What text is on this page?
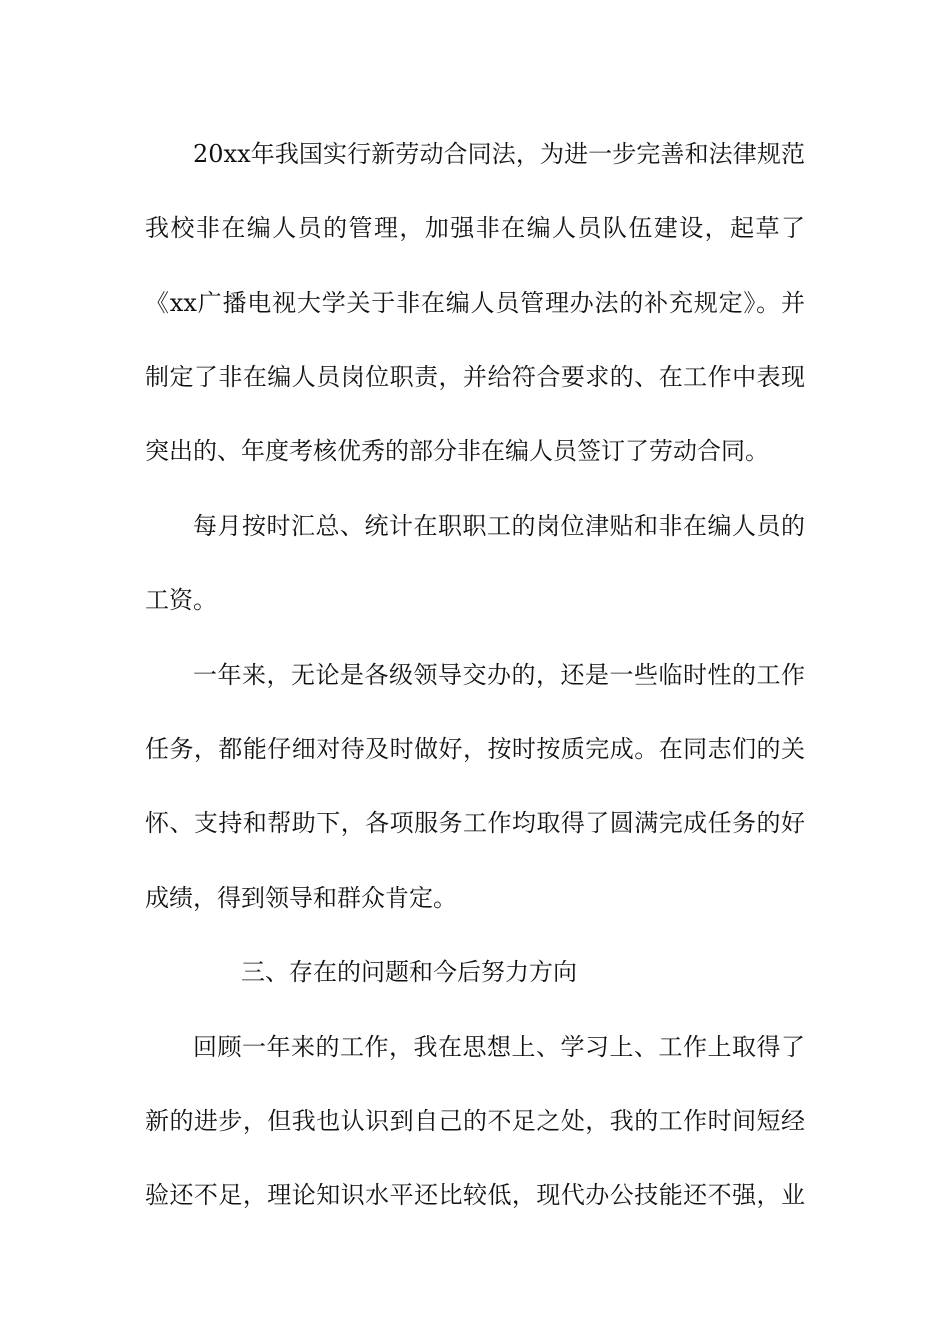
20xx年我国实行新劳动合同法，为进一步完善和法律规范
我校非在编人员的管理，加强非在编人员队伍建设，起草了
《xx广播电视大学关于非在编人员管理办法的补充规定》。并
制定了非在编人员岗位职责，并给符合要求的、在工作中表现
突出的、年度考核优秀的部分非在编人员签订了劳动合同。
每月按时汇总、统计在职职工的岗位津贴和非在编人员的
工资。
一年来，无论是各级领导交办的，还是一些临时性的工作
任务，都能仔细对待及时做好，按时按质完成。在同志们的关
怀、支持和帮助下，各项服务工作均取得了圆满完成任务的好
成绩，得到领导和群众肯定。
三、存在的问题和今后努力方向
回顾一年来的工作，我在思想上、学习上、工作上取得了
新的进步，但我也认识到自己的不足之处，我的工作时间短经
验还不足，理论知识水平还比较低，现代办公技能还不强，业
